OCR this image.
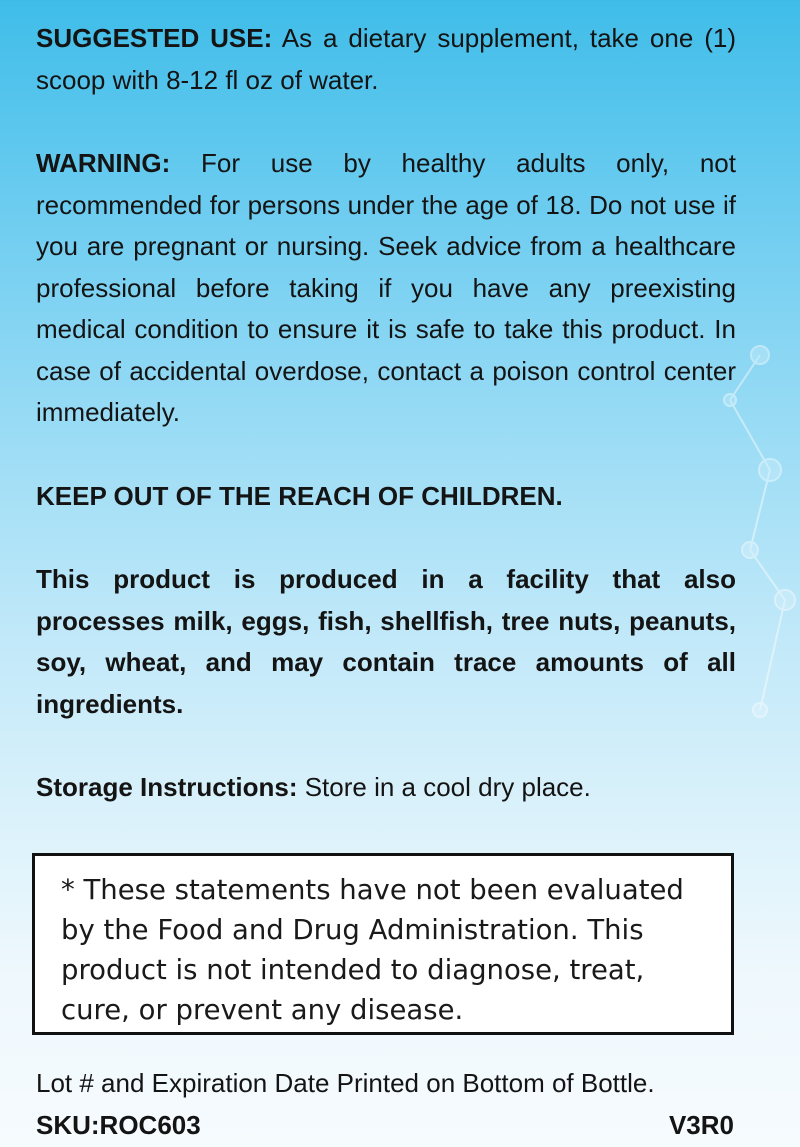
SUGGESTED USE: As a dietary supplement, take one (1) scoop with 8-12 fl oz of water.

WARNING: For use by healthy adults only, not recommended for persons under the age of 18. Do not use if you are pregnant or nursing. Seek advice from a healthcare professional before taking if you have any preexisting medical condition to ensure it is safe to take this product. In case of accidental overdose, contact a poison control center immediately.

KEEP OUT OF THE REACH OF CHILDREN.

This product is produced in a facility that also processes milk, eggs, fish, shellfish, tree nuts, peanuts, soy, wheat, and may contain trace amounts of all ingredients.

Storage Instructions: Store in a cool dry place.

* These statements have not been evaluated by the Food and Drug Administration. This product is not intended to diagnose, treat, cure, or prevent any disease.

Lot # and Expiration Date Printed on Bottom of Bottle.

SKU:ROC603	V3R0
